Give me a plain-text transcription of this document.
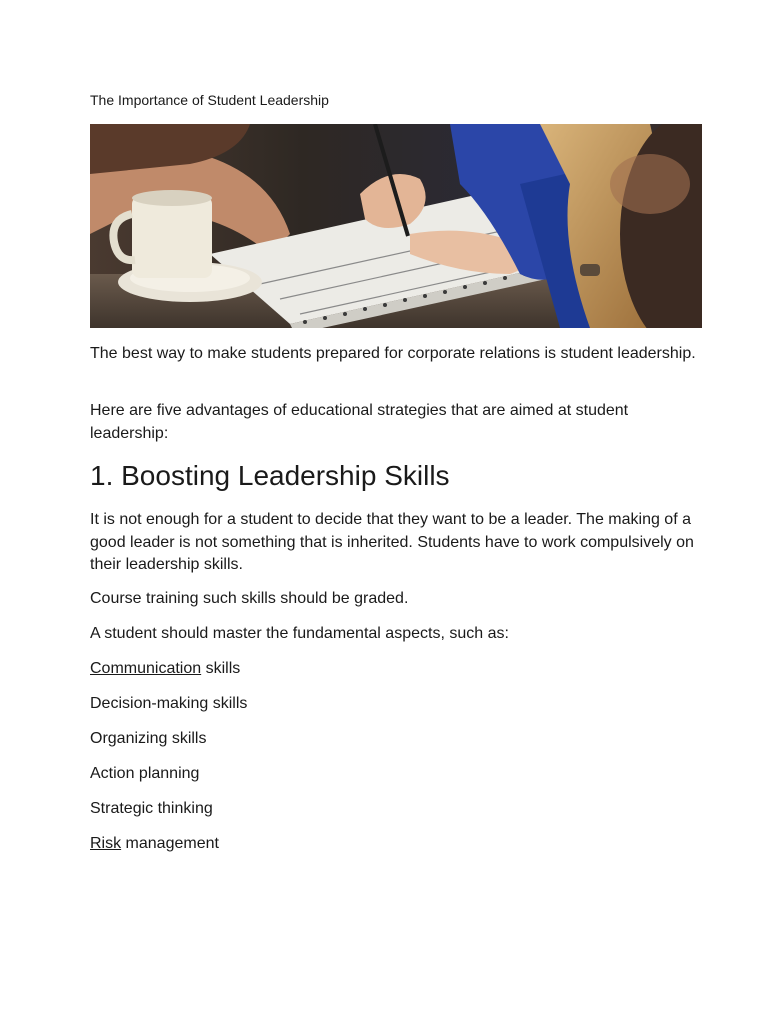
The Importance of Student Leadership

The best way to make students prepared for corporate relations is student leadership.

Here are five advantages of educational strategies that are aimed at student leadership:

1. Boosting Leadership Skills

It is not enough for a student to decide that they want to be a leader. The making of a good leader is not something that is inherited. Students have to work compulsively on their leadership skills.

Course training such skills should be graded.

A student should master the fundamental aspects, such as:

Communication skills

Decision-making skills

Organizing skills

Action planning

Strategic thinking

Risk management
